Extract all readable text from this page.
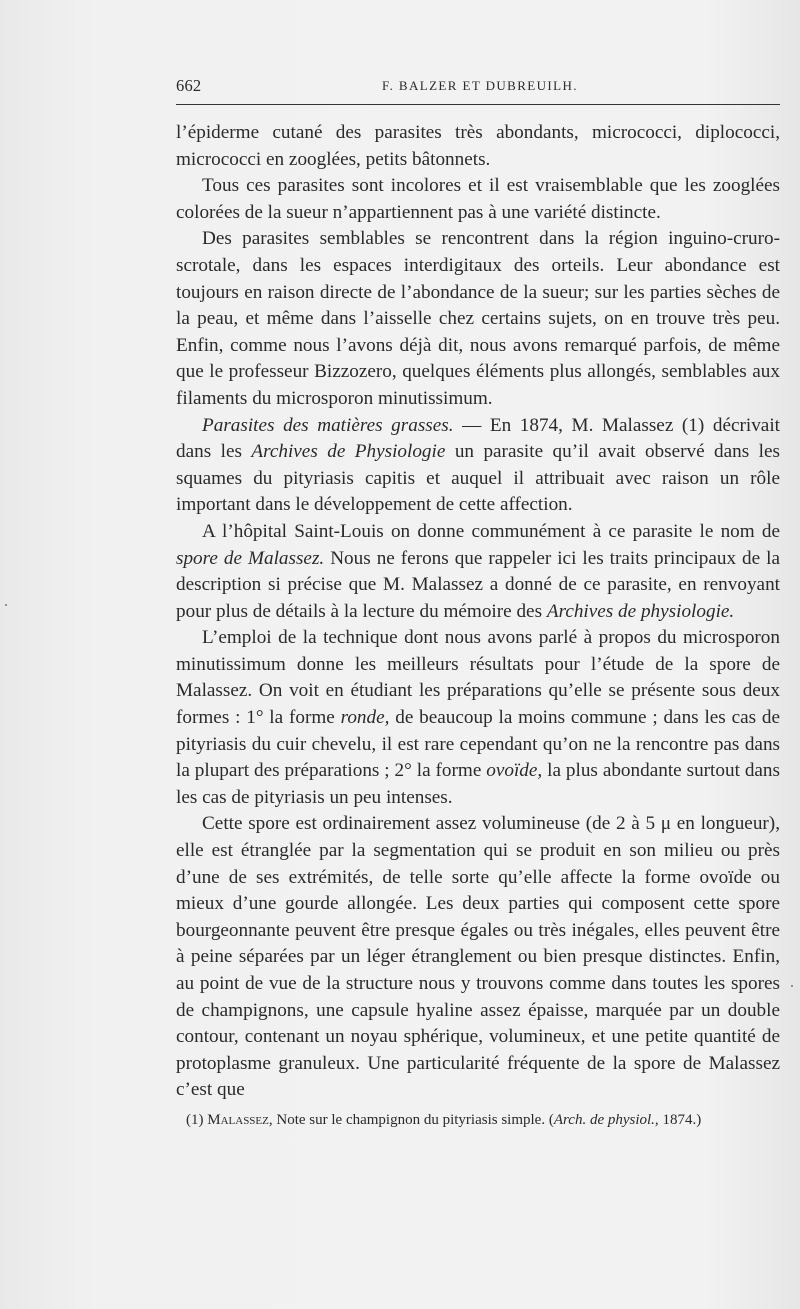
662	F. BALZER ET DUBREUILH.

l’épiderme cutané des parasites très abondants, micrococci, diplococci, micrococci en zooglées, petits bâtonnets.

Tous ces parasites sont incolores et il est vraisemblable que les zooglées colorées de la sueur n’appartiennent pas à une variété distincte.

Des parasites semblables se rencontrent dans la région inguino-cruro-scrotale, dans les espaces interdigitaux des orteils. Leur abondance est toujours en raison directe de l’abondance de la sueur; sur les parties sèches de la peau, et même dans l’aisselle chez certains sujets, on en trouve très peu. Enfin, comme nous l’avons déjà dit, nous avons remarqué parfois, de même que le professeur Bizzozero, quelques éléments plus allongés, semblables aux filaments du microsporon minutissimum.

Parasites des matières grasses. — En 1874, M. Malassez (1) décrivait dans les Archives de Physiologie un parasite qu’il avait observé dans les squames du pityriasis capitis et auquel il attribuait avec raison un rôle important dans le développement de cette affection.

A l’hôpital Saint-Louis on donne communément à ce parasite le nom de spore de Malassez. Nous ne ferons que rappeler ici les traits principaux de la description si précise que M. Malassez a donné de ce parasite, en renvoyant pour plus de détails à la lecture du mémoire des Archives de physiologie.

L’emploi de la technique dont nous avons parlé à propos du microsporon minutissimum donne les meilleurs résultats pour l’étude de la spore de Malassez. On voit en étudiant les préparations qu’elle se présente sous deux formes : 1° la forme ronde, de beaucoup la moins commune ; dans les cas de pityriasis du cuir chevelu, il est rare cependant qu’on ne la rencontre pas dans la plupart des préparations ; 2° la forme ovoïde, la plus abondante surtout dans les cas de pityriasis un peu intenses.

Cette spore est ordinairement assez volumineuse (de 2 à 5 μ en longueur), elle est étranglée par la segmentation qui se produit en son milieu ou près d’une de ses extrémités, de telle sorte qu’elle affecte la forme ovoïde ou mieux d’une gourde allongée. Les deux parties qui composent cette spore bourgeonnante peuvent être presque égales ou très inégales, elles peuvent être à peine séparées par un léger étranglement ou bien presque distinctes. Enfin, au point de vue de la structure nous y trouvons comme dans toutes les spores de champignons, une capsule hyaline assez épaisse, marquée par un double contour, contenant un noyau sphérique, volumineux, et une petite quantité de protoplasme granuleux. Une particularité fréquente de la spore de Malassez c’est que

(1) Malassez, Note sur le champignon du pityriasis simple. (Arch. de physiol., 1874.)
